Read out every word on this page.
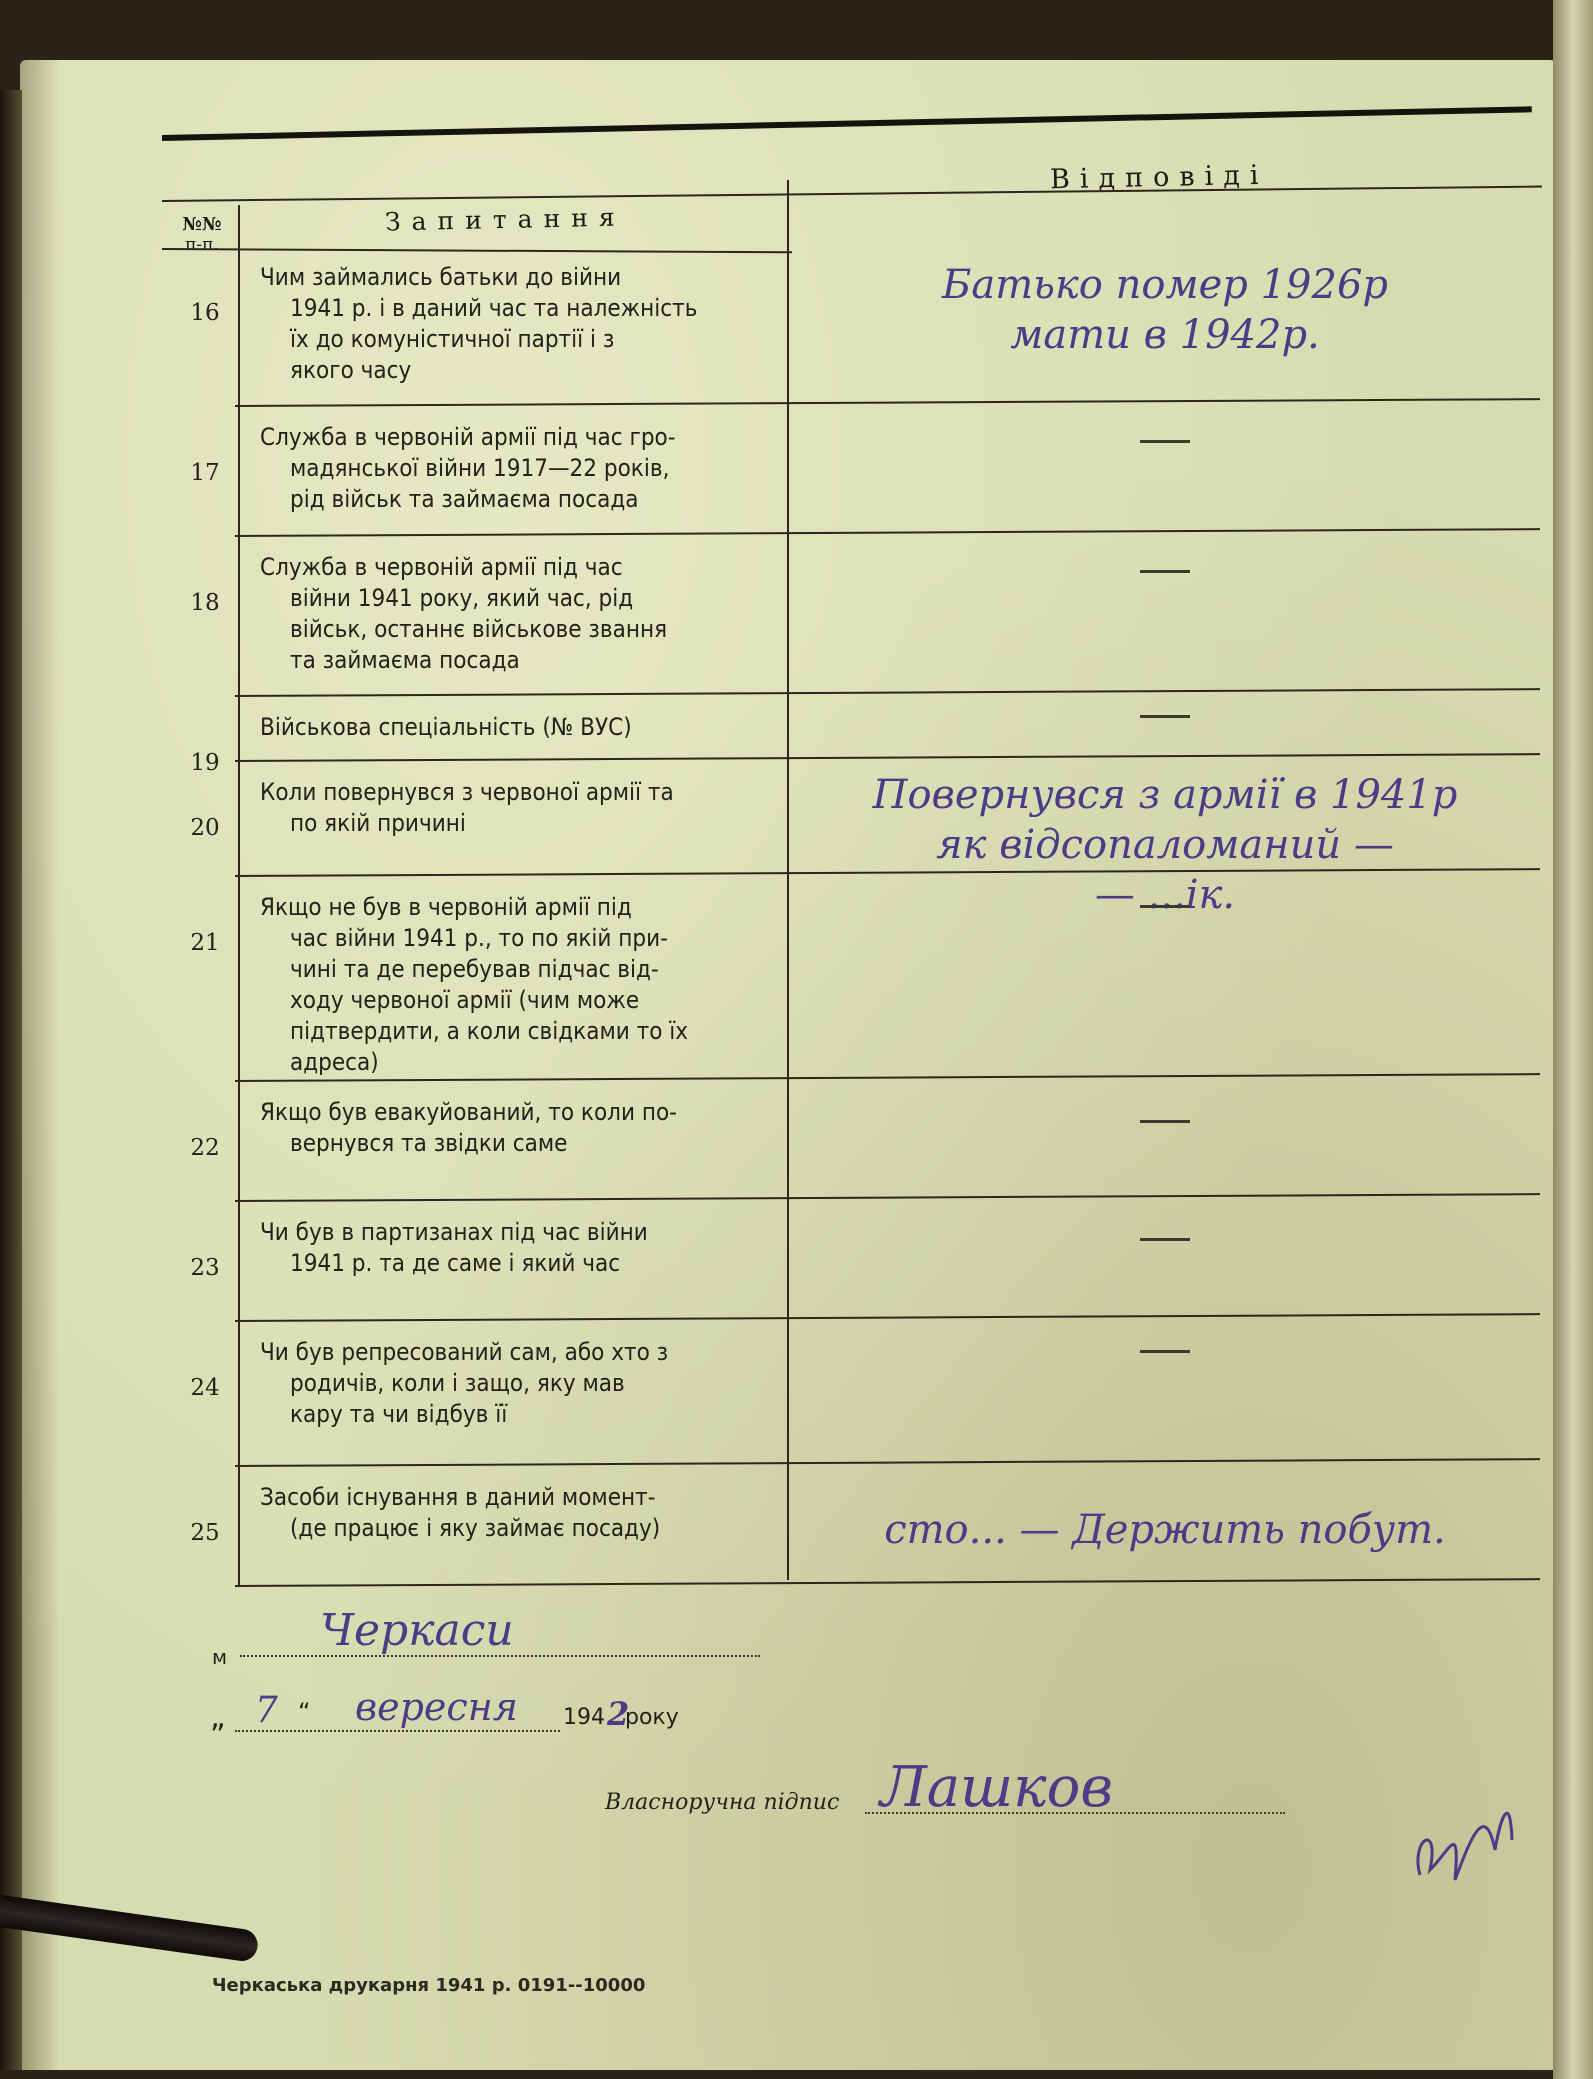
Відповіді
№№
п-п.
Запитання
16
Чим займались батьки до війни
1941 р. і в даний час та належність
їх до комуністичної партії і з
якого часу
Батько помер 1926р
мати в 1942р.
17
Служба в червоній армії під час гро-
мадянської війни 1917—22 років,
рід військ та займаєма посада
18
Служба в червоній армії під час
війни 1941 року, який час, рід
військ, останнє військове звання
та займаєма посада
19
Військова спеціальність (№ ВУС)
20
Коли повернувся з червоної армії та
по якій причині
Повернувся з армії в 1941р
як відсопаломаний —
— ...ік.
21
Якщо не був в червоній армії під
час війни 1941 р., то по якій при-
чині та де перебував підчас від-
ходу червоної армії (чим може
підтвердити, а коли свідками то їх
адреса)
22
Якщо був евакуйований, то коли по-
вернувся та звідки саме
23
Чи був в партизанах під час війни
1941 р. та де саме і який час
24
Чи був репресований сам, або хто з
родичів, коли і защо, яку мав
кару та чи відбув її
25
Засоби існування в даний момент-
(де працює і яку займає посаду)	сто... — Держить побут.
м
Черкаси
„ 7 “ вересня 194 2
року
Власноручна підпис Лашков
Черкаська друкарня 1941 р. 0191--10000
